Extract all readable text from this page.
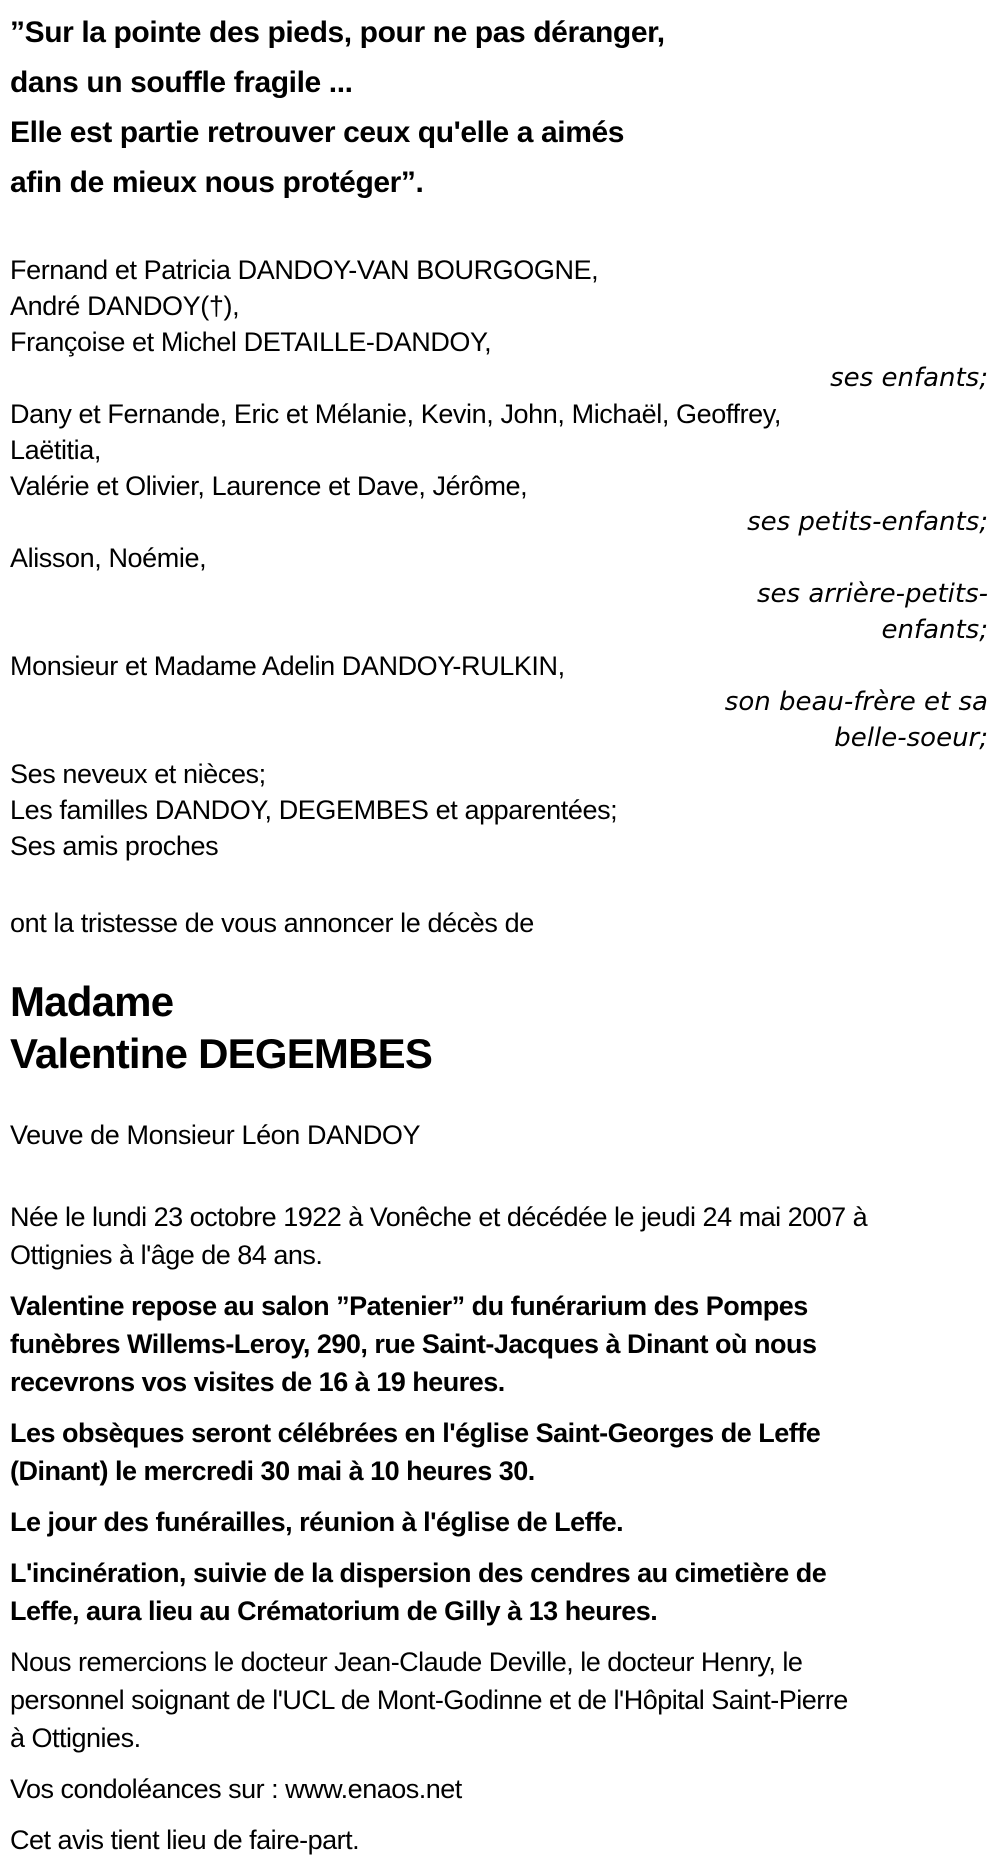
”Sur la pointe des pieds, pour ne pas déranger,
dans un souffle fragile ...
Elle est partie retrouver ceux qu'elle a aimés
afin de mieux nous protéger”.
Fernand et Patricia DANDOY-VAN BOURGOGNE,
André DANDOY(†),
Françoise et Michel DETAILLE-DANDOY,
ses enfants;
Dany et Fernande, Eric et Mélanie, Kevin, John, Michaël, Geoffrey,
Laëtitia,
Valérie et Olivier, Laurence et Dave, Jérôme,
ses petits-enfants;
Alisson, Noémie,
ses arrière-petits-
enfants;
Monsieur et Madame Adelin DANDOY-RULKIN,
son beau-frère et sa
belle-soeur;
Ses neveux et nièces;
Les familles DANDOY, DEGEMBES et apparentées;
Ses amis proches
ont la tristesse de vous annoncer le décès de
Madame
Valentine DEGEMBES
Veuve de Monsieur Léon DANDOY

Née le lundi 23 octobre 1922 à Vonêche et décédée le jeudi 24 mai 2007 à
Ottignies à l'âge de 84 ans.

Valentine repose au salon ”Patenier” du funérarium des Pompes
funèbres Willems-Leroy, 290, rue Saint-Jacques à Dinant où nous
recevrons vos visites de 16 à 19 heures.

Les obsèques seront célébrées en l'église Saint-Georges de Leffe
(Dinant) le mercredi 30 mai à 10 heures 30.

Le jour des funérailles, réunion à l'église de Leffe.

L'incinération, suivie de la dispersion des cendres au cimetière de
Leffe, aura lieu au Crématorium de Gilly à 13 heures.

Nous remercions le docteur Jean-Claude Deville, le docteur Henry, le
personnel soignant de l'UCL de Mont-Godinne et de l'Hôpital Saint-Pierre
à Ottignies.

Vos condoléances sur : www.enaos.net

Cet avis tient lieu de faire-part.
